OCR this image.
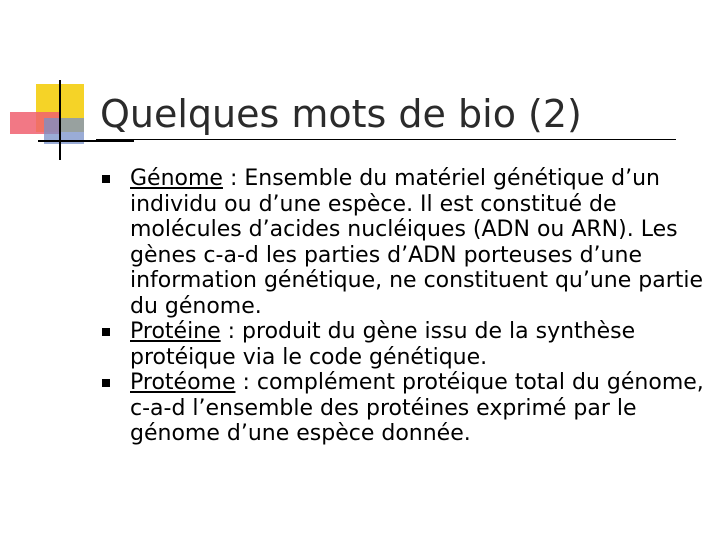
Quelques mots de bio (2)
Génome : Ensemble du matériel génétique d’un individu ou d’une espèce. Il est constitué de molécules d’acides nucléiques (ADN ou ARN). Les gènes c-a-d les parties d’ADN porteuses d’une information génétique, ne constituent qu’une partie du génome.
Protéine : produit du gène issu de la synthèse protéique via le code génétique.
Protéome : complément protéique total du génome, c-a-d l’ensemble des protéines exprimé par le génome d’une espèce donnée.
